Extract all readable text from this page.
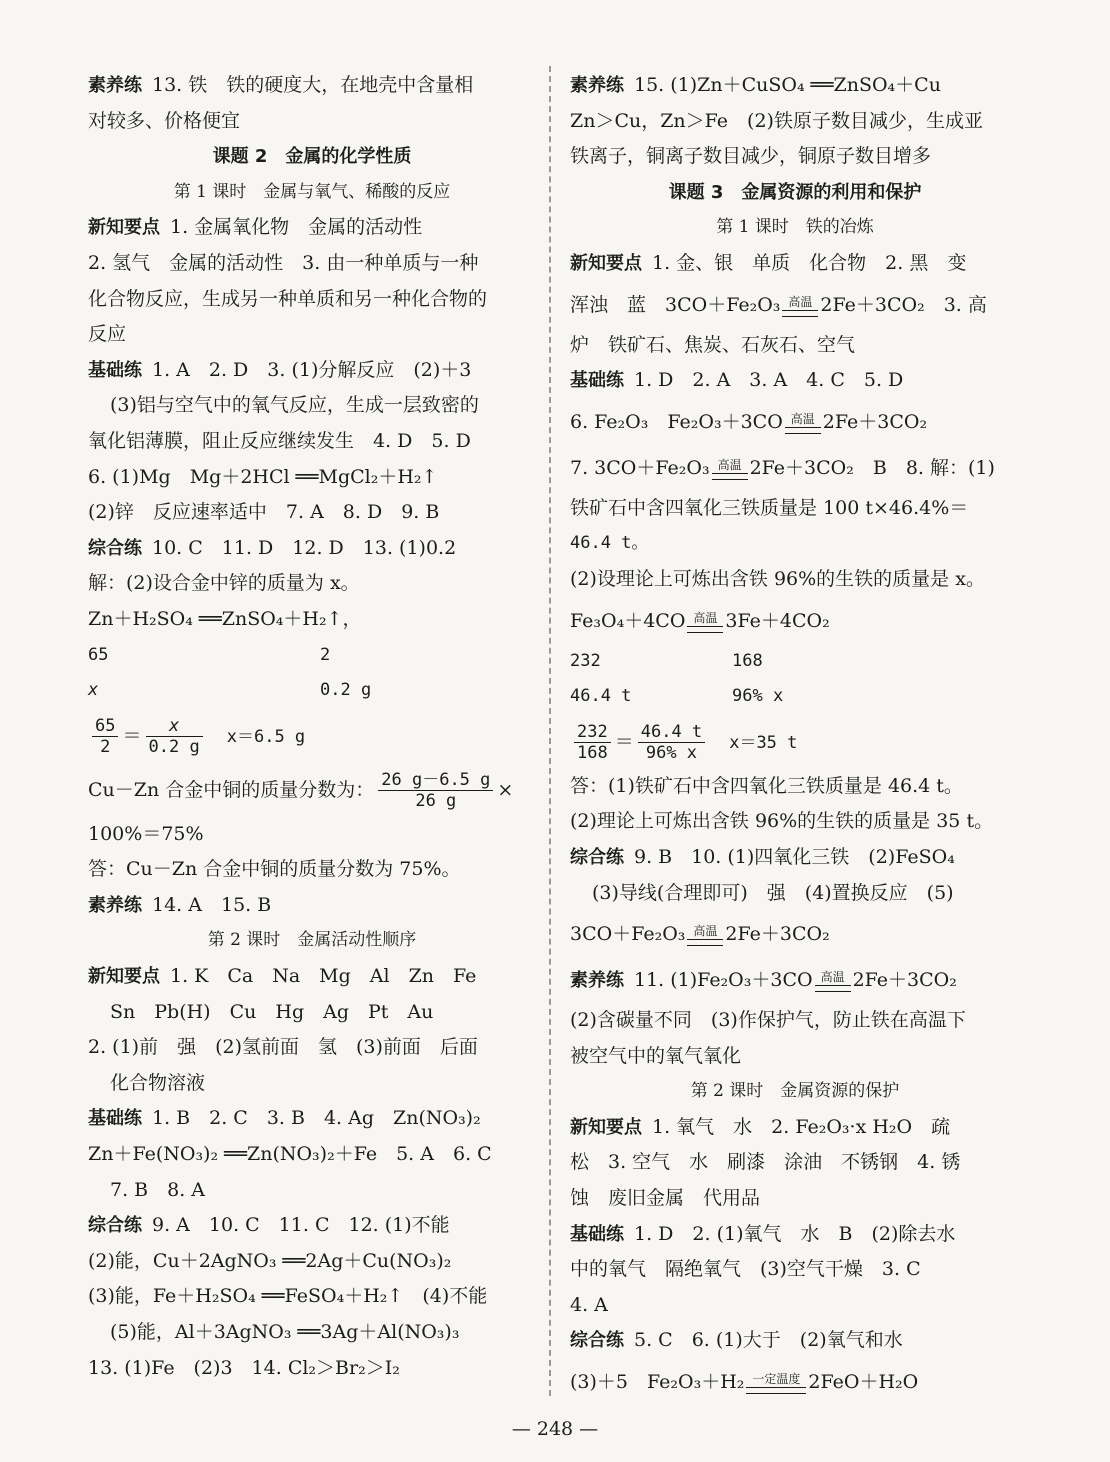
素养练 13. 铁　铁的硬度大，在地壳中含量相
对较多、价格便宜
课题 2　金属的化学性质
第 1 课时　金属与氧气、稀酸的反应
新知要点 1. 金属氧化物　金属的活动性
2. 氢气　金属的活动性　3. 由一种单质与一种
化合物反应，生成另一种单质和另一种化合物的
反应
基础练 1. A　2. D　3. (1)分解反应　(2)＋3
(3)铝与空气中的氧气反应，生成一层致密的
氧化铝薄膜，阻止反应继续发生　4. D　5. D
6. (1)Mg　Mg＋2HCl ══MgCl₂＋H₂↑
(2)锌　反应速率适中　7. A　8. D　9. B
综合练 10. C　11. D　12. D　13. (1)0.2
解：(2)设合金中锌的质量为 x。
Zn＋H₂SO₄ ══ZnSO₄＋H₂↑，
65	2
x	0.2 g
$\frac{65}{2} = \frac{x}{0.2 g} x=6.5$ g
Cu－Zn 合金中铜的质量分数为： $\frac{26 g-6.5 g}{26 g}$ ×
100%＝75%
答：Cu－Zn 合金中铜的质量分数为 75%。
素养练 14. A　15. B
第 2 课时　金属活动性顺序
新知要点 1. K　Ca　Na　Mg　Al　Zn　Fe
Sn　Pb(H)　Cu　Hg　Ag　Pt　Au
2. (1)前　强　(2)氢前面　氢　(3)前面　后面
化合物溶液
基础练 1. B　2. C　3. B　4. Ag　Zn(NO₃)₂
Zn＋Fe(NO₃)₂ ══Zn(NO₃)₂＋Fe　5. A　6. C
7. B　8. A
综合练 9. A　10. C　11. C　12. (1)不能
(2)能，Cu＋2AgNO₃ ══2Ag＋Cu(NO₃)₂
(3)能，Fe＋H₂SO₄ ══FeSO₄＋H₂↑　(4)不能
(5)能，Al＋3AgNO₃ ══3Ag＋Al(NO₃)₃
13. (1)Fe　(2)3　14. Cl₂＞Br₂＞I₂
素养练 15. (1)Zn＋CuSO₄ ══ZnSO₄＋Cu
Zn＞Cu，Zn＞Fe　(2)铁原子数目减少，生成亚
铁离子，铜离子数目减少，铜原子数目增多
课题 3　金属资源的利用和保护
第 1 课时　铁的冶炼
新知要点 1. 金、银　单质　化合物　2. 黑　变
浑浊　蓝　3CO＋Fe₂O₃ 高温 2Fe＋3CO₂　3. 高
炉　铁矿石、焦炭、石灰石、空气
基础练 1. D　2. A　3. A　4. C　5. D
6. Fe₂O₃　Fe₂O₃＋3CO 高温 2Fe＋3CO₂
7. 3CO＋Fe₂O₃ 高温 2Fe＋3CO₂　B　8. 解：(1)
铁矿石中含四氧化三铁质量是 100 t×46.4%＝
46.4 t。
(2)设理论上可炼出含铁 96%的生铁的质量是 x。
Fe₃O₄＋4CO 高温 3Fe＋4CO₂
232	168
46.4 t	96% x
$\frac{232}{168} = \frac{46.4 t}{96\% x} x=35$ t
答：(1)铁矿石中含四氧化三铁质量是 46.4 t。
(2)理论上可炼出含铁 96%的生铁的质量是 35 t。
综合练 9. B　10. (1)四氧化三铁　(2)FeSO₄
(3)导线(合理即可)　强　(4)置换反应　(5)
3CO＋Fe₂O₃ 高温 2Fe＋3CO₂
素养练 11. (1)Fe₂O₃＋3CO 高温 2Fe＋3CO₂
(2)含碳量不同　(3)作保护气，防止铁在高温下
被空气中的氧气氧化
第 2 课时　金属资源的保护
新知要点 1. 氧气　水　2. Fe₂O₃·x H₂O　疏
松　3. 空气　水　刷漆　涂油　不锈钢　4. 锈
蚀　废旧金属　代用品
基础练 1. D　2. (1)氧气　水　B　(2)除去水
中的氧气　隔绝氧气　(3)空气干燥　3. C
4. A
综合练 5. C　6. (1)大于　(2)氧气和水
(3)＋5　Fe₂O₃＋H₂ 一定温度 2FeO＋H₂O
— 248 —
